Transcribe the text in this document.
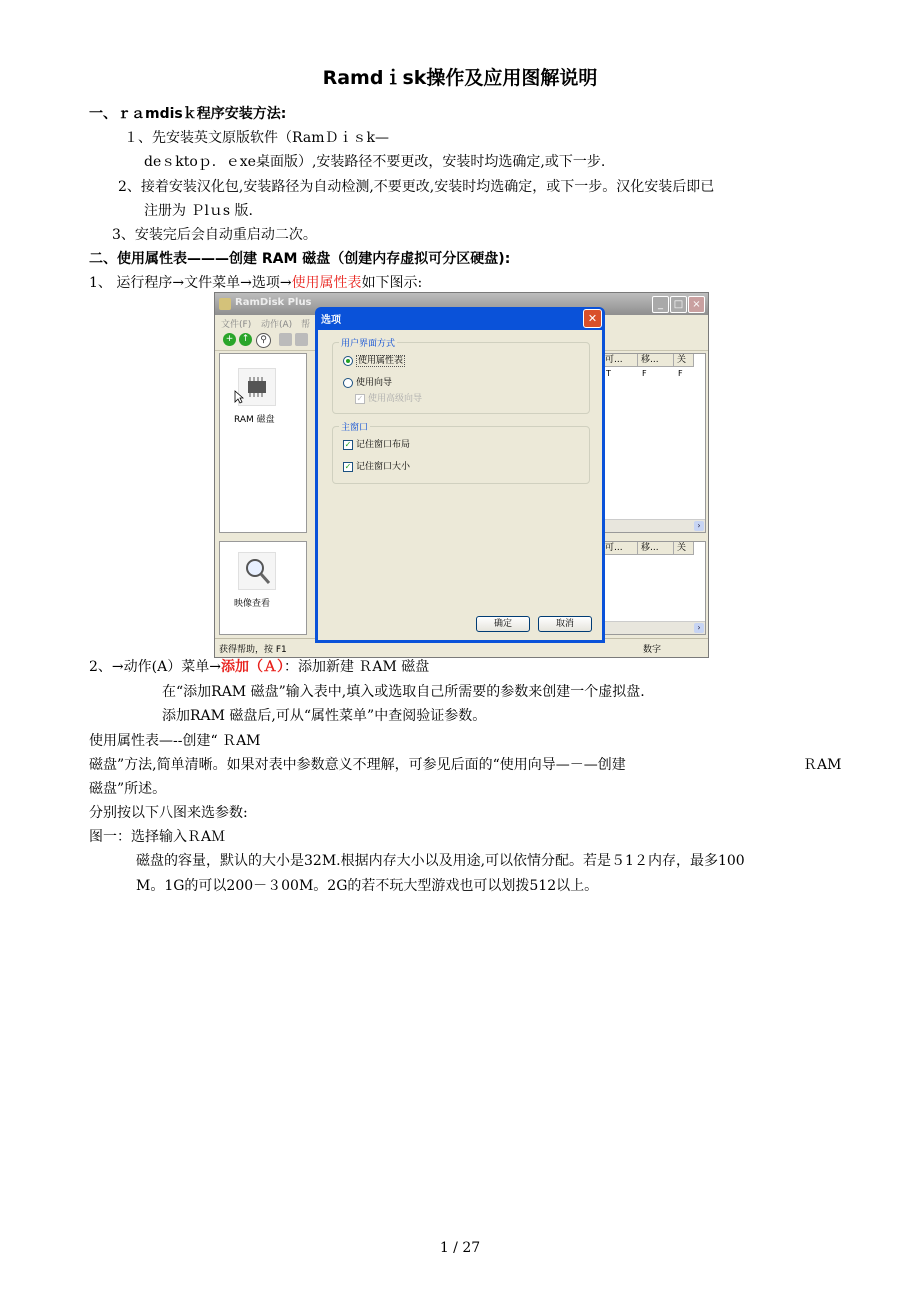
Ramdｉsk操作及应用图解说明
一、ｒａmdisｋ程序安装方法:
１、先安装英文原版软件（RamＤｉｓk—
deｓktoｐ．ｅxe桌面版）,安装路径不要更改，安装时均选确定,或下一步.
2、接着安装汉化包,安装路径为自动检测,不要更改,安装时均选确定，或下一步。汉化安装后即已
注册为 Ｐlｕs 版.
3、安装完后会自动重启动二次。
二、使用属性表———创建 RAM 磁盘（创建内存虚拟可分区硬盘):
1、 运行程序→文件菜单→选项→使用属性表如下图示:
RamDisk Plus	_	□ ×
文件(F) 动作(A) 帮
+ ↑	⚲
RAM 磁盘
映像查看
可...	移...	关
T	F	F
›
可...	移...	关
›
获得帮助，按 F1	数字
选项	✕
用户界面方式
使用属性表
使用向导
✓ 使用高级向导
主窗口
✓ 记住窗口布局
✓ 记住窗口大小
确定	取消
2、→动作(A）菜单→添加（Ａ）：添加新建 ＲAM 磁盘
在“添加RAM 磁盘”输入表中,填入或选取自己所需要的参数来创建一个虚拟盘.
添加RAM 磁盘后,可从“属性菜单”中查阅验证参数。
使用属性表—--创建“ ＲAM
磁盘”方法,简单清晰。如果对表中参数意义不理解，可参见后面的“使用向导—－—创建	ＲAM
磁盘”所述。
分别按以下八图来选参数:
图一：选择输入ＲAＭ
磁盘的容量，默认的大小是32M.根据内存大小以及用途,可以依情分配。若是５1２内存，最多100
M。1G的可以200－３00M。2G的若不玩大型游戏也可以划拨512以上。
1 / 27
